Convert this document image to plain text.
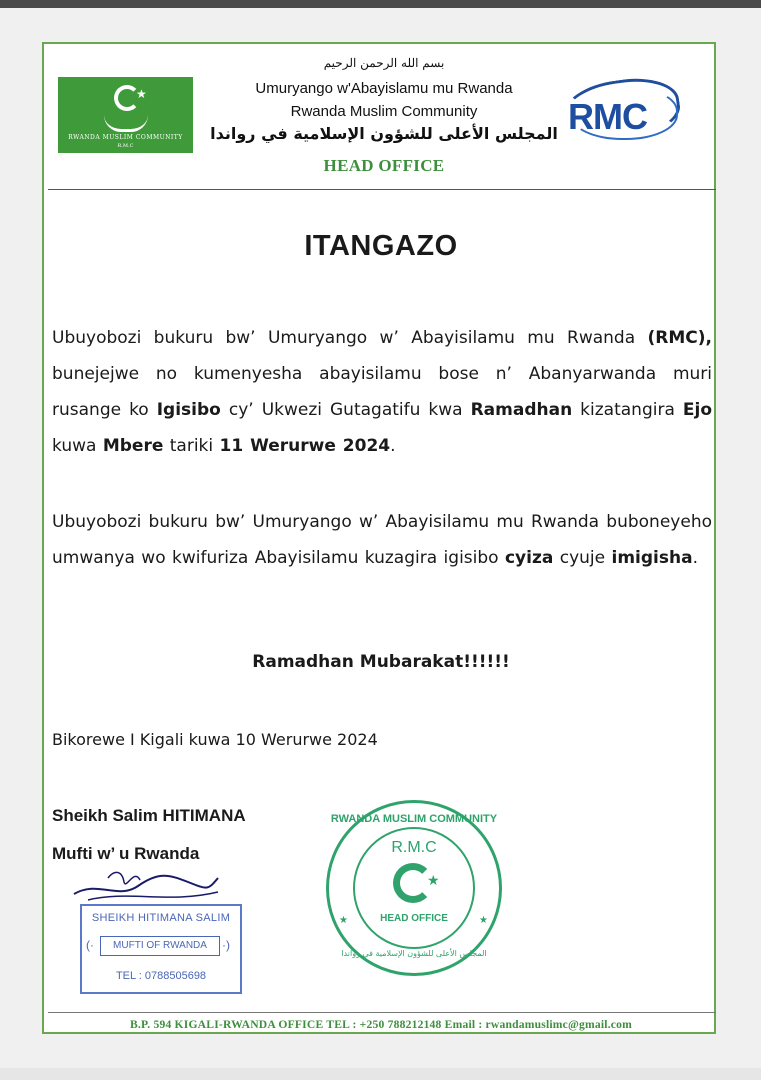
★
RWANDA MUSLIM COMMUNITY
R.M.C
بسم الله الرحمن الرحيم
Umuryango w'Abayislamu mu Rwanda
Rwanda Muslim Community
المجلس الأعلى للشؤون الإسلامية في رواندا
HEAD OFFICE
RMC
ITANGAZO
Ubuyobozi bukuru bw’ Umuryango w’ Abayisilamu mu Rwanda (RMC), bunejejwe no kumenyesha abayisilamu bose n’ Abanyarwanda muri rusange ko Igisibo cy’ Ukwezi Gutagatifu kwa Ramadhan kizatangira Ejo kuwa Mbere tariki 11 Werurwe 2024.
Ubuyobozi bukuru bw’ Umuryango w’ Abayisilamu mu Rwanda buboneyeho umwanya wo kwifuriza Abayisilamu kuzagira igisibo cyiza cyuje imigisha.
Ramadhan Mubarakat!!!!!!
Bikorewe I Kigali kuwa 10 Werurwe 2024
Sheikh Salim HITIMANA
Mufti w’ u Rwanda
SHEIKH HITIMANA SALIM
(·	MUFTI OF RWANDA	·)
TEL : 0788505698
RWANDA MUSLIM COMMUNITY
R.M.C
★
★	★
HEAD OFFICE
المجلس الأعلى للشؤون الإسلامية في رواندا
B.P. 594 KIGALI-RWANDA OFFICE TEL : +250 788212148 Email : rwandamuslimc@gmail.com
